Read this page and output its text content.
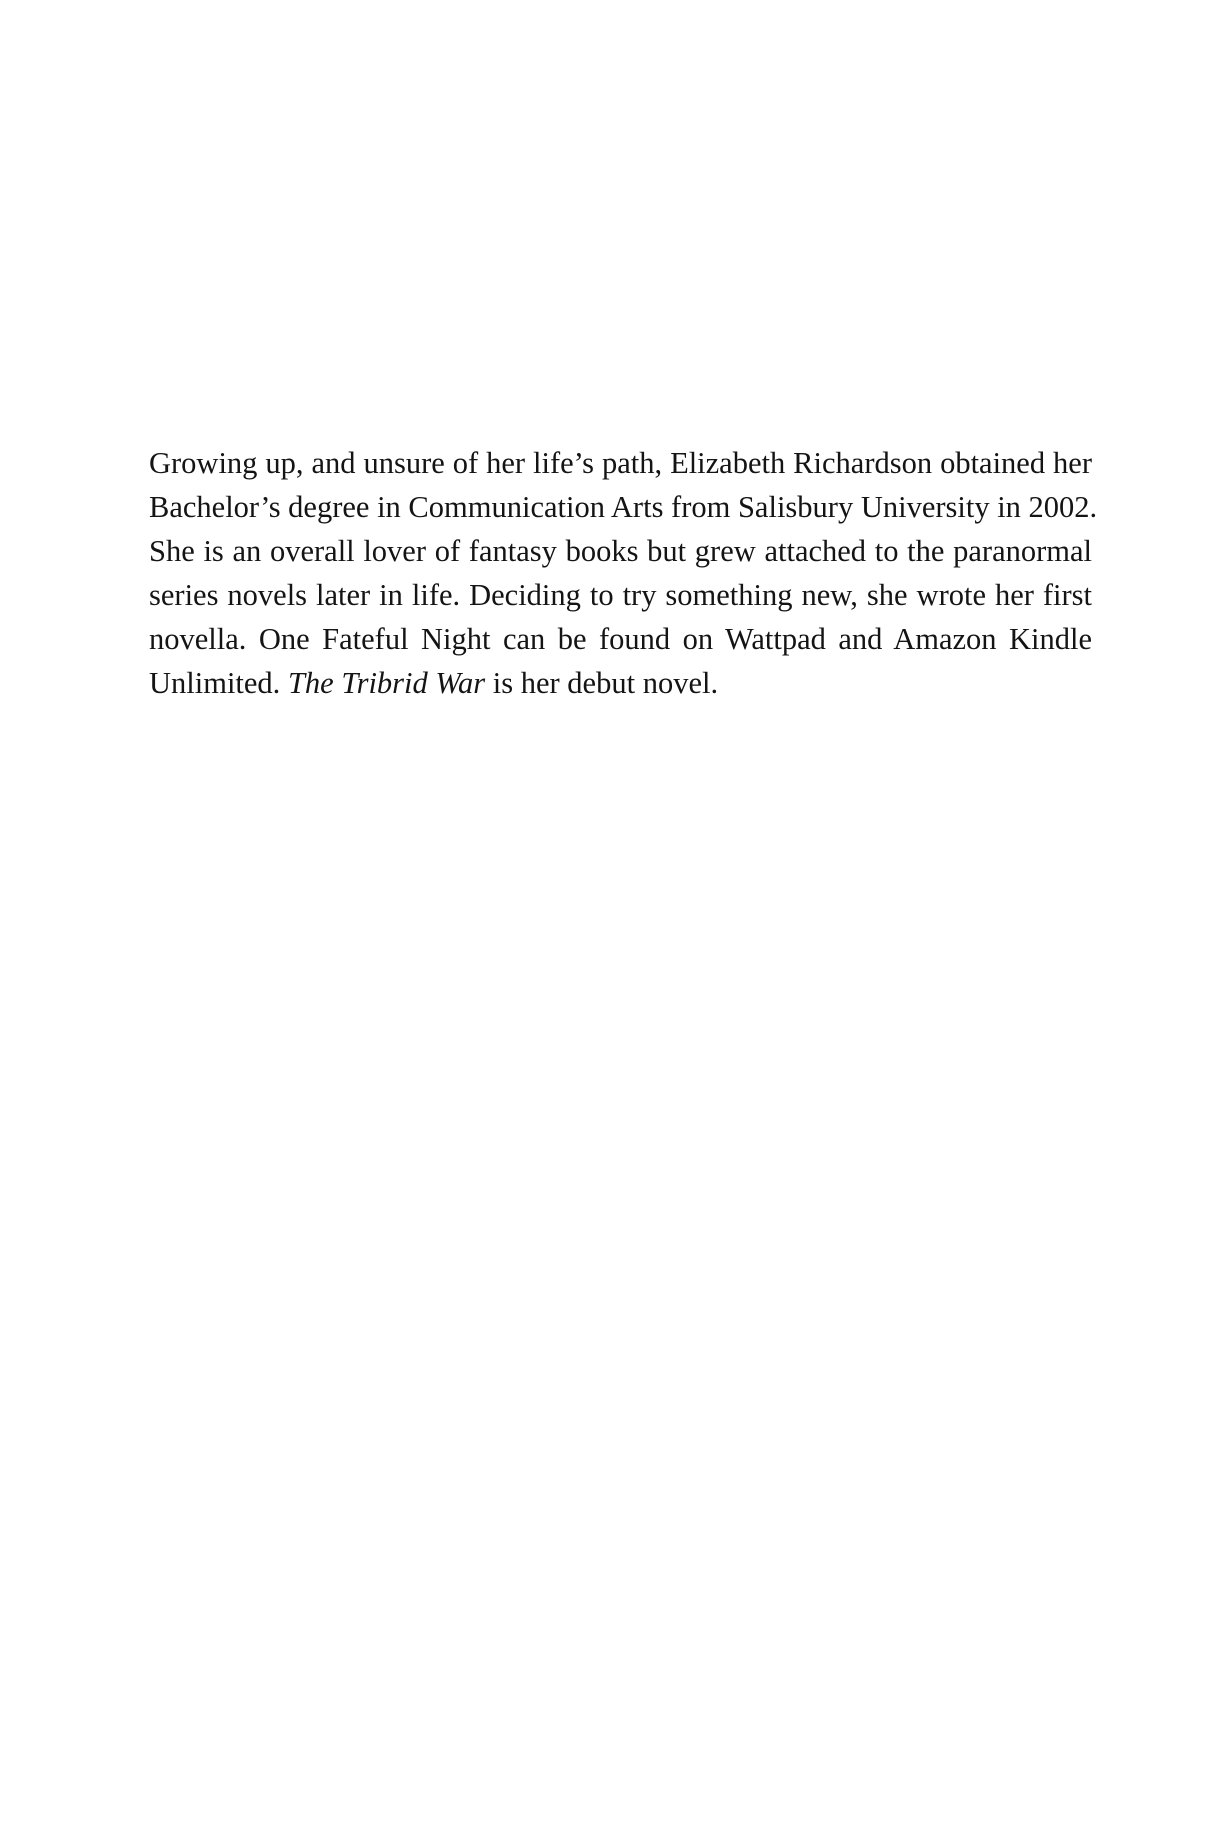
Growing up, and unsure of her life’s path, Elizabeth Richardson obtained her
Bachelor’s degree in Communication Arts from Salisbury University in 2002.
She is an overall lover of fantasy books but grew attached to the paranormal
series novels later in life. Deciding to try something new, she wrote her first
novella. One Fateful Night can be found on Wattpad and Amazon Kindle
Unlimited. The Tribrid War is her debut novel.
